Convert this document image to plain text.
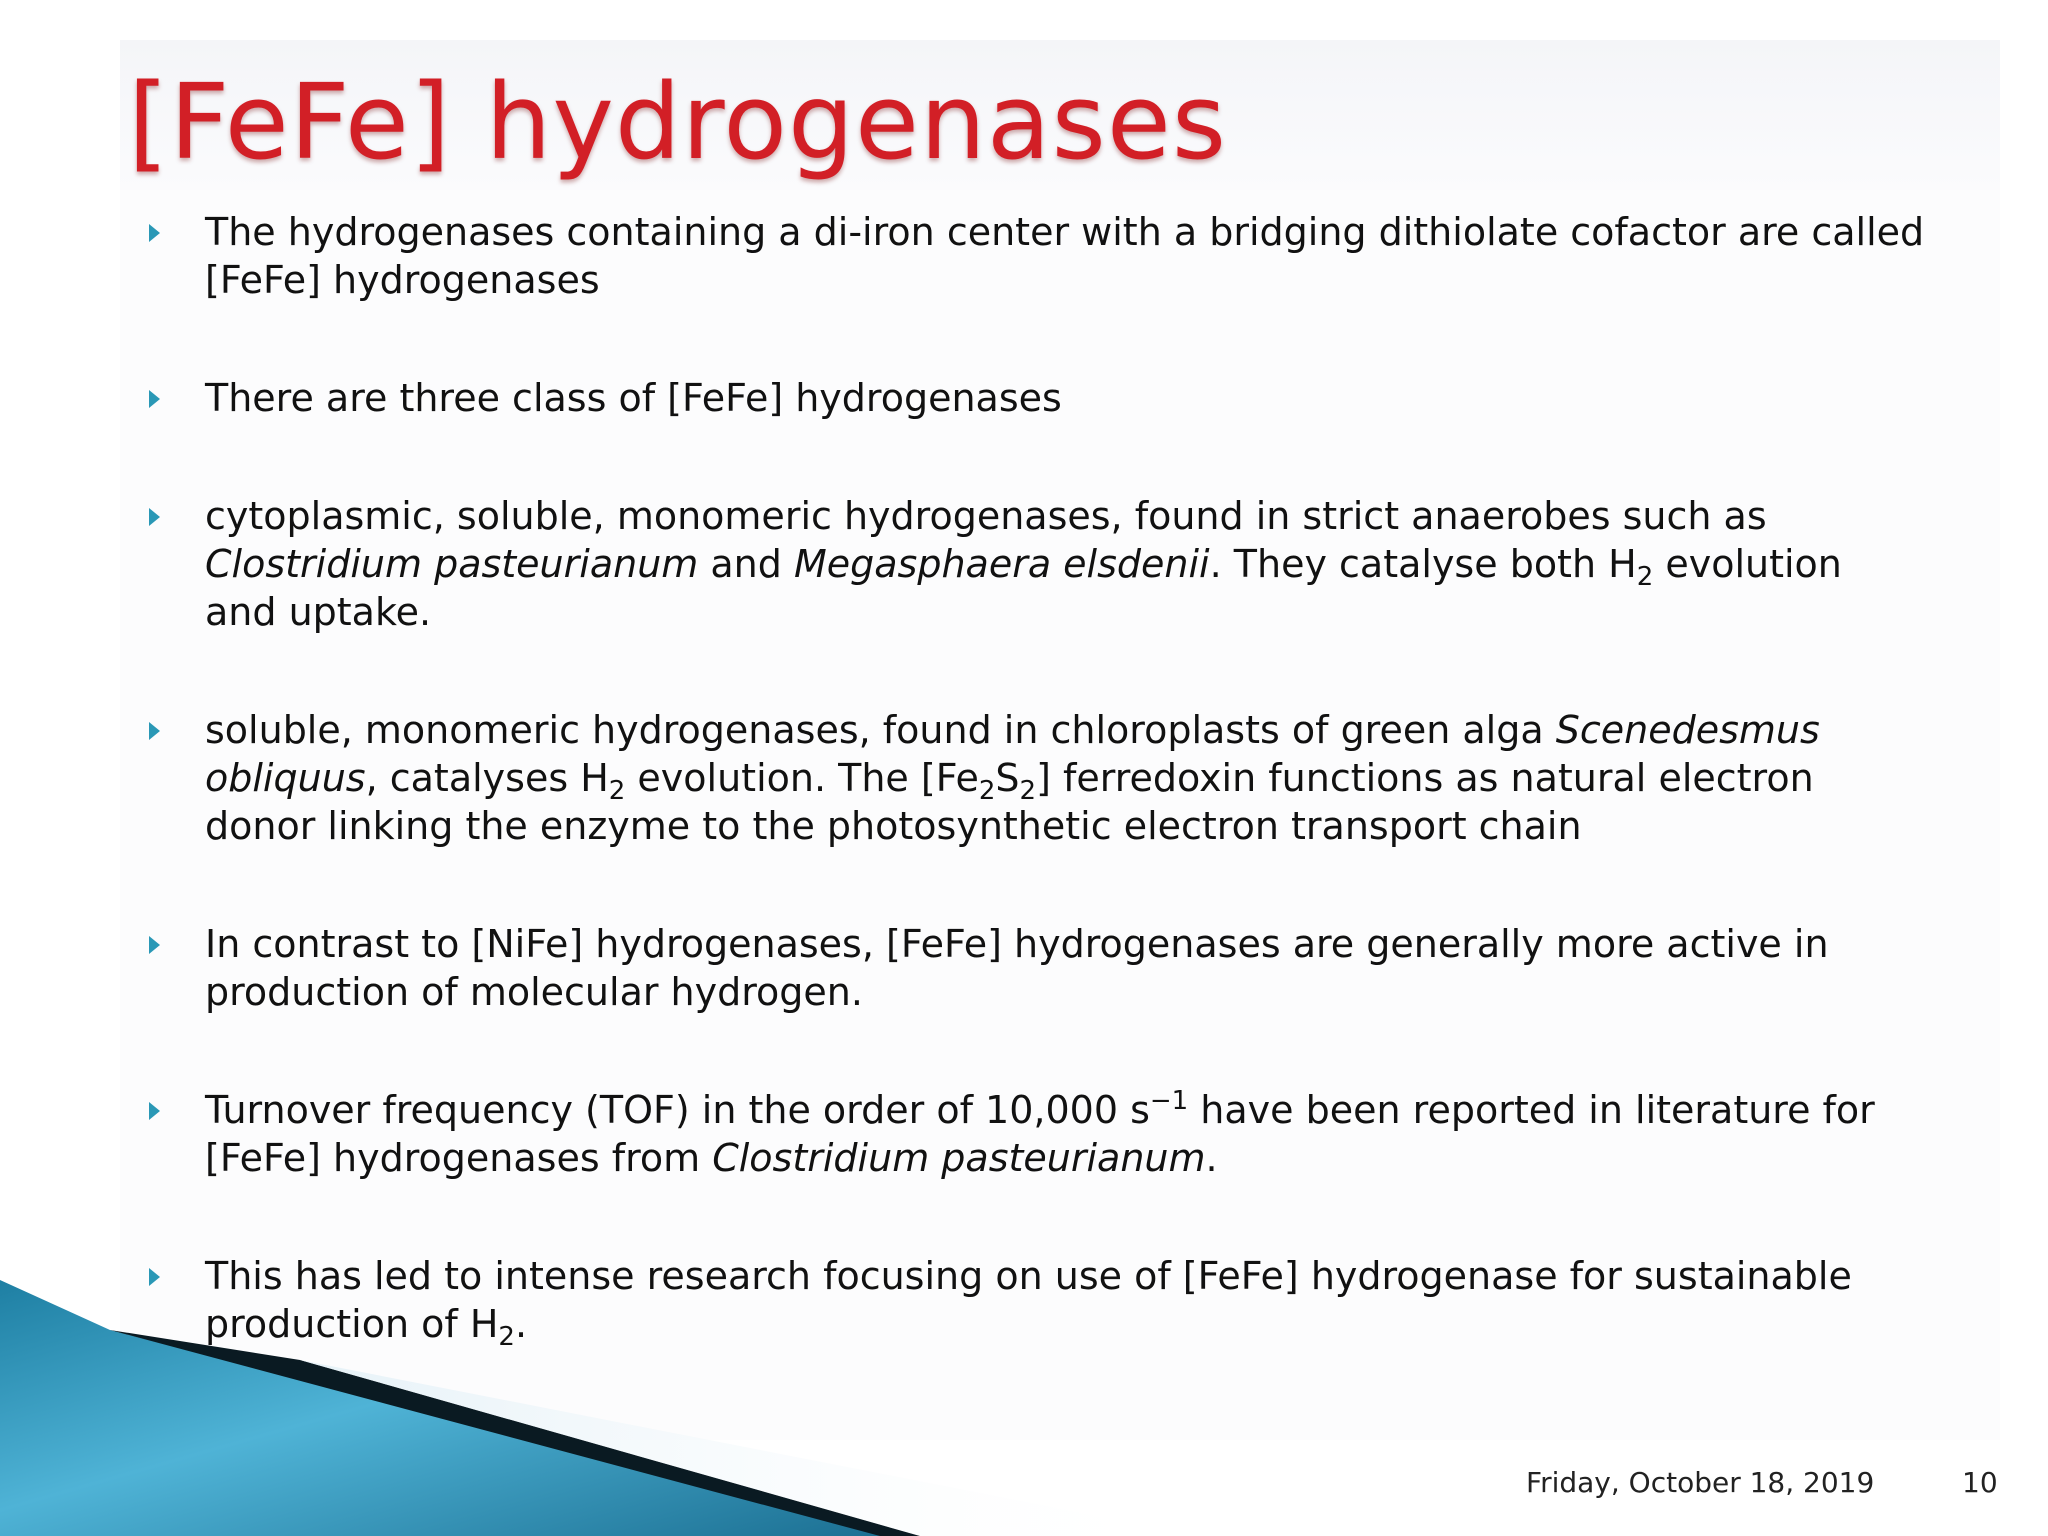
[FeFe] hydrogenases
The hydrogenases containing a di-iron center with a bridging dithiolate cofactor are called [FeFe] hydrogenases
There are three class of [FeFe] hydrogenases
cytoplasmic, soluble, monomeric hydrogenases, found in strict anaerobes such as Clostridium pasteurianum and Megasphaera elsdenii. They catalyse both $H_2$ evolution and uptake.
soluble, monomeric hydrogenases, found in chloroplasts of green alga Scenedesmus obliquus, catalyses $H_2$ evolution. The $[Fe_2S_2]$ ferredoxin functions as natural electron donor linking the enzyme to the photosynthetic electron transport chain
In contrast to [NiFe] hydrogenases, [FeFe] hydrogenases are generally more active in production of molecular hydrogen.
Turnover frequency (TOF) in the order of 10,000 $s^{-1}$ have been reported in literature for [FeFe] hydrogenases from Clostridium pasteurianum.
This has led to intense research focusing on use of [FeFe] hydrogenase for sustainable production of $H_2$.
Friday, October 18, 2019	10
